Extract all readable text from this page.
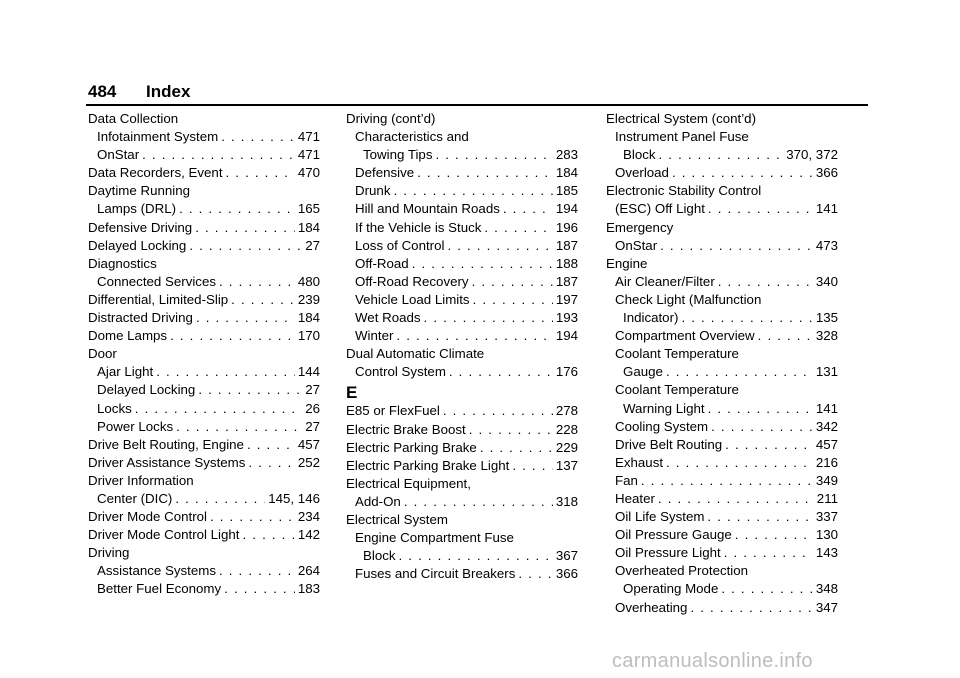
484 Index
Data Collection
Infotainment System . . .	471
OnStar . . .	471
Data Recorders, Event . . .	470
Daytime Running
Lamps (DRL) . . .	165
Defensive Driving . . .	184
Delayed Locking . . .	27
Diagnostics
Connected Services . . .	480
Differential, Limited-Slip . . .	239
Distracted Driving . . .	184
Dome Lamps . . .	170
Door
Ajar Light . . .	144
Delayed Locking . . .	27
Locks . . .	26
Power Locks . . .	27
Drive Belt Routing, Engine . . .	457
Driver Assistance Systems . . .	252
Driver Information
Center (DIC) . . .	145, 146
Driver Mode Control . . .	234
Driver Mode Control Light . . .	142
Driving
Assistance Systems . . .	264
Better Fuel Economy . . .	183
Driving (cont’d)
Characteristics and
Towing Tips . . .	283
Defensive . . .	184
Drunk . . .	185
Hill and Mountain Roads . . .	194
If the Vehicle is Stuck . . .	196
Loss of Control . . .	187
Off-Road . . .	188
Off-Road Recovery . . .	187
Vehicle Load Limits . . .	197
Wet Roads . . .	193
Winter . . .	194
Dual Automatic Climate
Control System . . .	176
E
E85 or FlexFuel . . .	278
Electric Brake Boost . . .	228
Electric Parking Brake . . .	229
Electric Parking Brake Light . . .	137
Electrical Equipment,
Add-On . . .	318
Electrical System
Engine Compartment Fuse
Block . . .	367
Fuses and Circuit Breakers . . .	366
Electrical System (cont’d)
Instrument Panel Fuse
Block . . .	370, 372
Overload . . .	366
Electronic Stability Control
(ESC) Off Light . . .	141
Emergency
OnStar . . .	473
Engine
Air Cleaner/Filter . . .	340
Check Light (Malfunction
Indicator) . . .	135
Compartment Overview . . .	328
Coolant Temperature
Gauge . . .	131
Coolant Temperature
Warning Light . . .	141
Cooling System . . .	342
Drive Belt Routing . . .	457
Exhaust . . .	216
Fan . . .	349
Heater . . .	211
Oil Life System . . .	337
Oil Pressure Gauge . . .	130
Oil Pressure Light . . .	143
Overheated Protection
Operating Mode . . .	348
Overheating . . .	347
carmanualsonline.info
